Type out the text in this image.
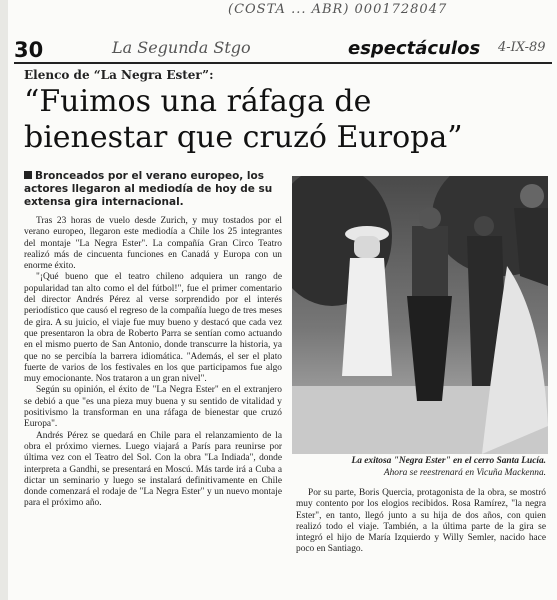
(COSTA ... ABR) 0001728047
30	La Segunda Stgo	espectáculos 4-IX-89
Elenco de “La Negra Ester”:
“Fuimos una ráfaga de bienestar que cruzó Europa”
Bronceados por el verano europeo, los actores llegaron al mediodía de hoy de su extensa gira internacional.

Tras 23 horas de vuelo desde Zurich, y muy tostados por el verano europeo, llegaron este mediodía a Chile los 25 integrantes del montaje "La Negra Ester". La compañía Gran Circo Teatro realizó más de cincuenta funciones en Canadá y Europa con un enorme éxito.

"¡Qué bueno que el teatro chileno adquiera un rango de popularidad tan alto como el del fútbol!", fue el primer comentario del director Andrés Pérez al verse sorprendido por el interés periodístico que causó el regreso de la compañía luego de tres meses de gira. A su juicio, el viaje fue muy bueno y destacó que cada vez que presentaron la obra de Roberto Parra se sentían como actuando en el mismo puerto de San Antonio, donde transcurre la historia, ya que no se percibía la barrera idiomática. "Además, el ser el plato fuerte de varios de los festivales en los que participamos fue algo muy emocionante. Nos trataron a un gran nivel".

Según su opinión, el éxito de "La Negra Ester" en el extranjero se debió a que "es una pieza muy buena y su sentido de vitalidad y positivismo la transforman en una ráfaga de bienestar que cruzó Europa".

Andrés Pérez se quedará en Chile para el relanzamiento de la obra el próximo viernes. Luego viajará a París para reunirse por última vez con el Teatro del Sol. Con la obra "La Indiada", donde interpreta a Gandhi, se presentará en Moscú. Más tarde irá a Cuba a dictar un seminario y luego se instalará definitivamente en Chile donde comenzará el rodaje de "La Negra Ester" y un nuevo montaje para el próximo año.

La exitosa "Negra Ester" en el cerro Santa Lucía.
Ahora se reestrenará en Vicuña Mackenna.

Por su parte, Boris Quercia, protagonista de la obra, se mostró muy contento por los elogios recibidos. Rosa Ramírez, "la negra Ester", en tanto, llegó junto a su hija de dos años, con quien realizó todo el viaje. También, a la última parte de la gira se integró el hijo de María Izquierdo y Willy Semler, nacido hace poco en Santiago.
